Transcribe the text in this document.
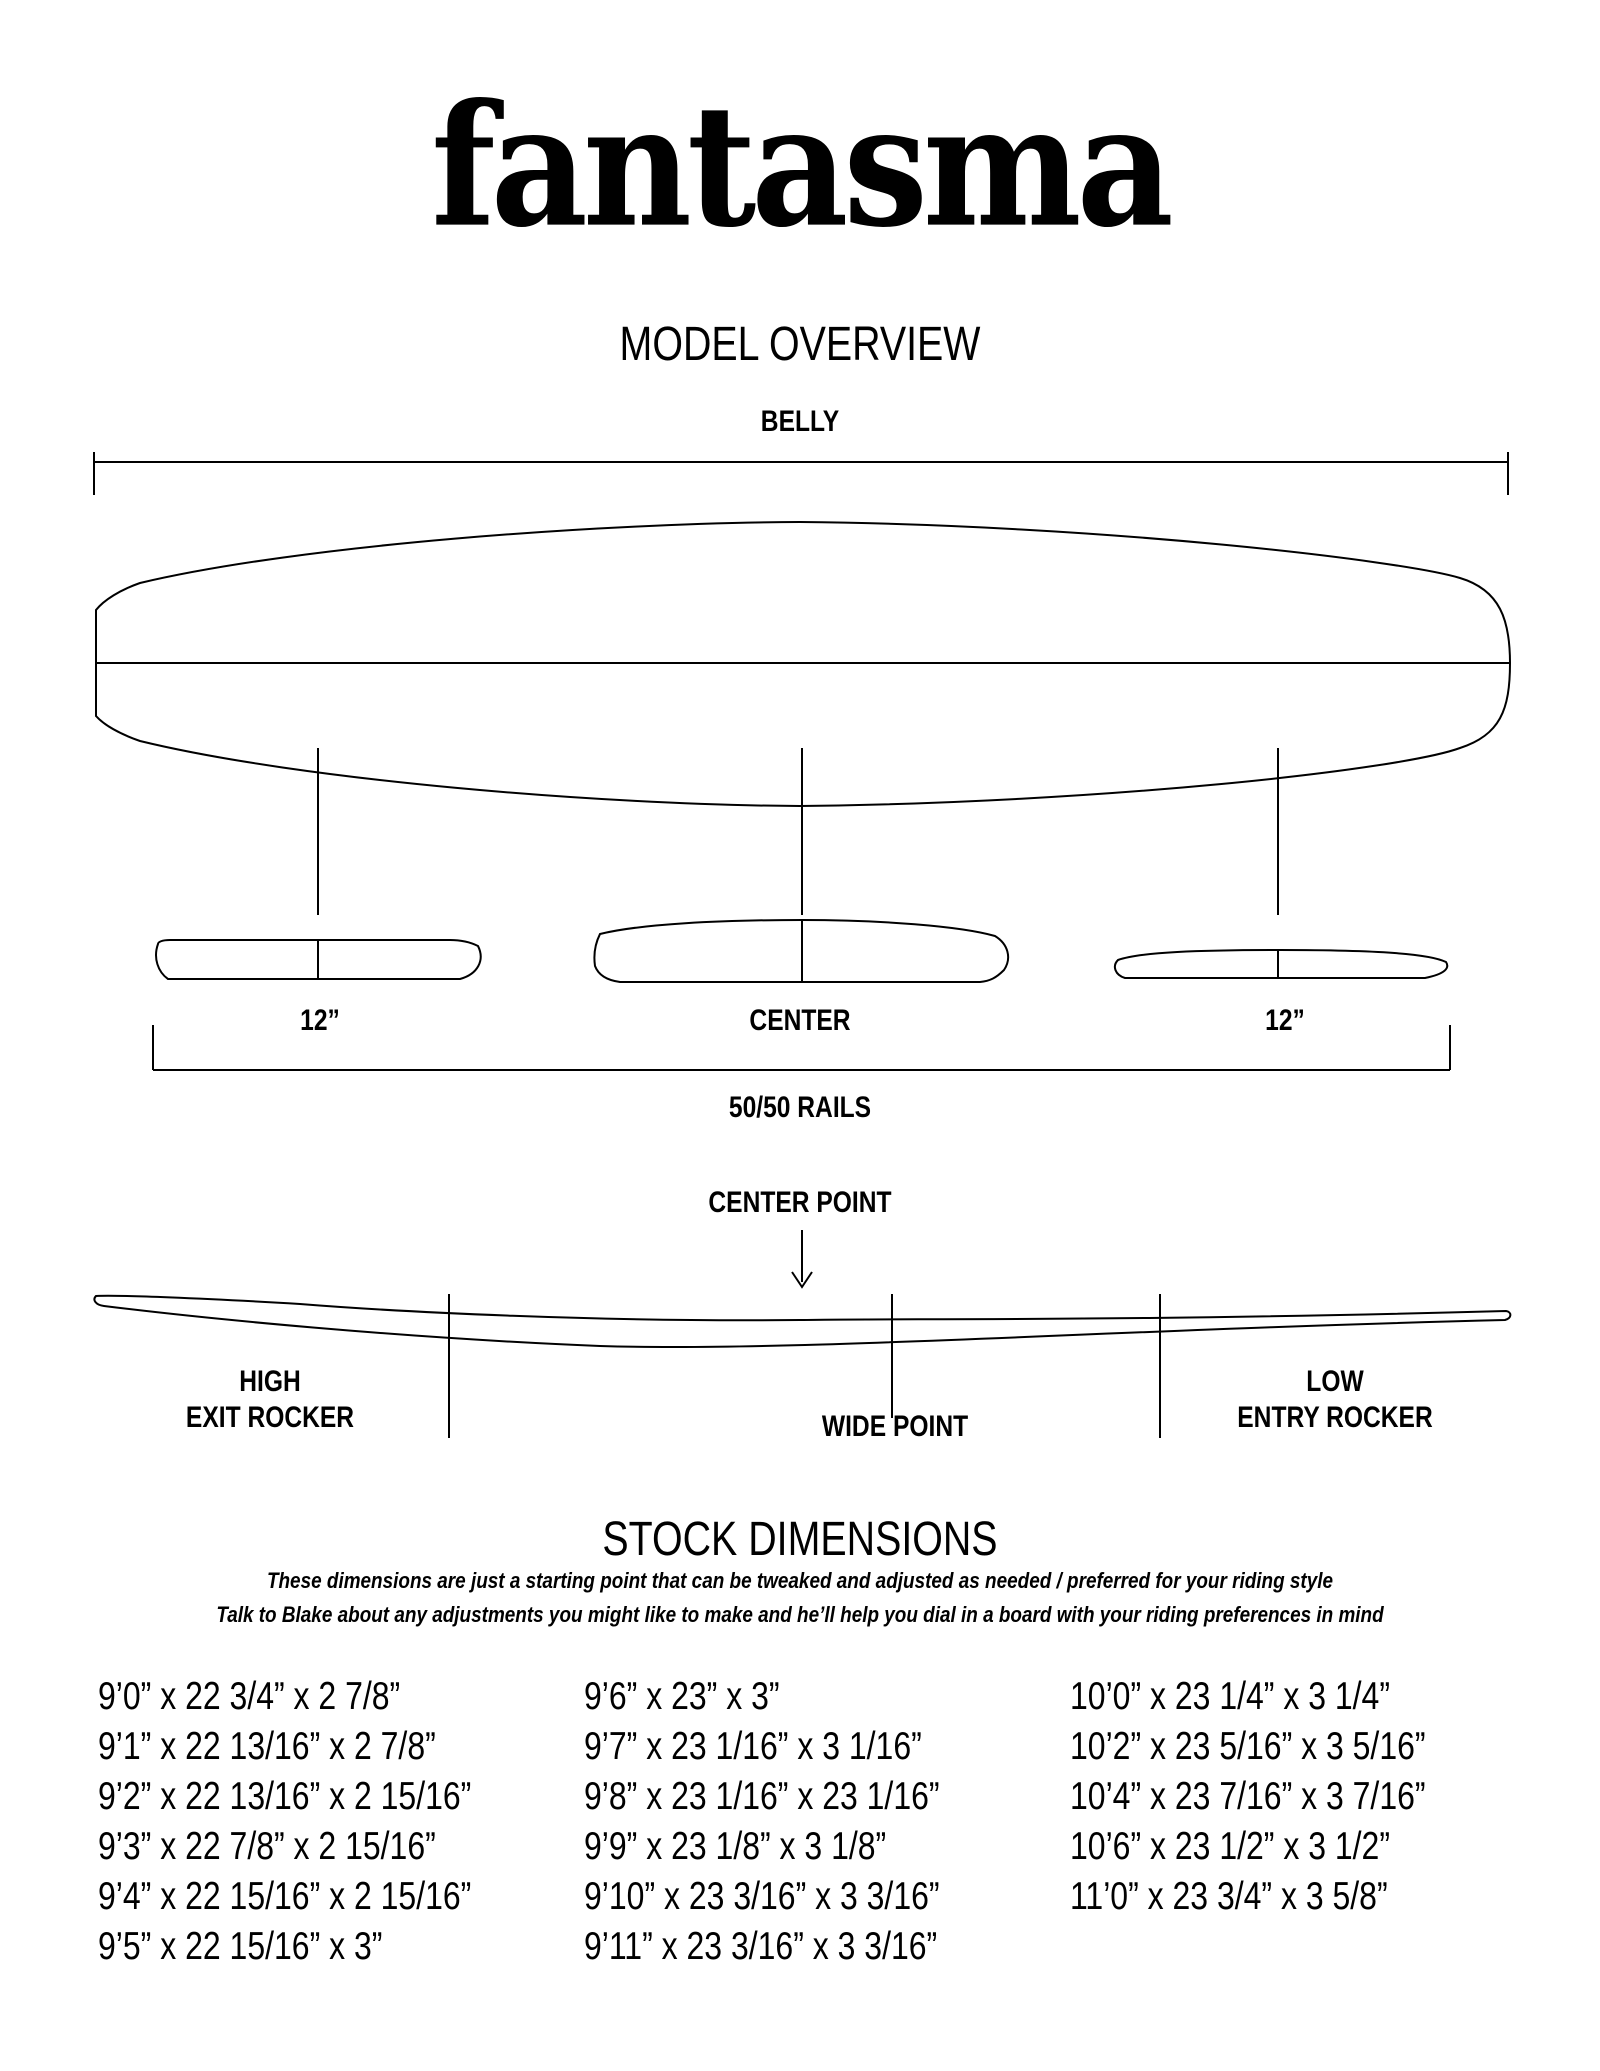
fantasma
MODEL OVERVIEW
BELLY
12”	CENTER	12”
50/50 RAILS
CENTER POINT
HIGH
EXIT ROCKER	WIDE POINT
LOW
ENTRY ROCKER
STOCK DIMENSIONS
These dimensions are just a starting point that can be tweaked and adjusted as needed / preferred for your riding style
Talk to Blake about any adjustments you might like to make and he’ll help you dial in a board with your riding preferences in mind
9’0” x 22 3/4” x 2 7/8”
9’1” x 22 13/16” x 2 7/8”
9’2” x 22 13/16” x 2 15/16”
9’3” x 22 7/8” x 2 15/16”
9’4” x 22 15/16” x 2 15/16”
9’5” x 22 15/16” x 3”
9’6” x 23” x 3”
9’7” x 23 1/16” x 3 1/16”
9’8” x 23 1/16” x 23 1/16”
9’9” x 23 1/8” x 3 1/8”
9’10” x 23 3/16” x 3 3/16”
9’11” x 23 3/16” x 3 3/16”
10’0” x 23 1/4” x 3 1/4”
10’2” x 23 5/16” x 3 5/16”
10’4” x 23 7/16” x 3 7/16”
10’6” x 23 1/2” x 3 1/2”
11’0” x 23 3/4” x 3 5/8”
